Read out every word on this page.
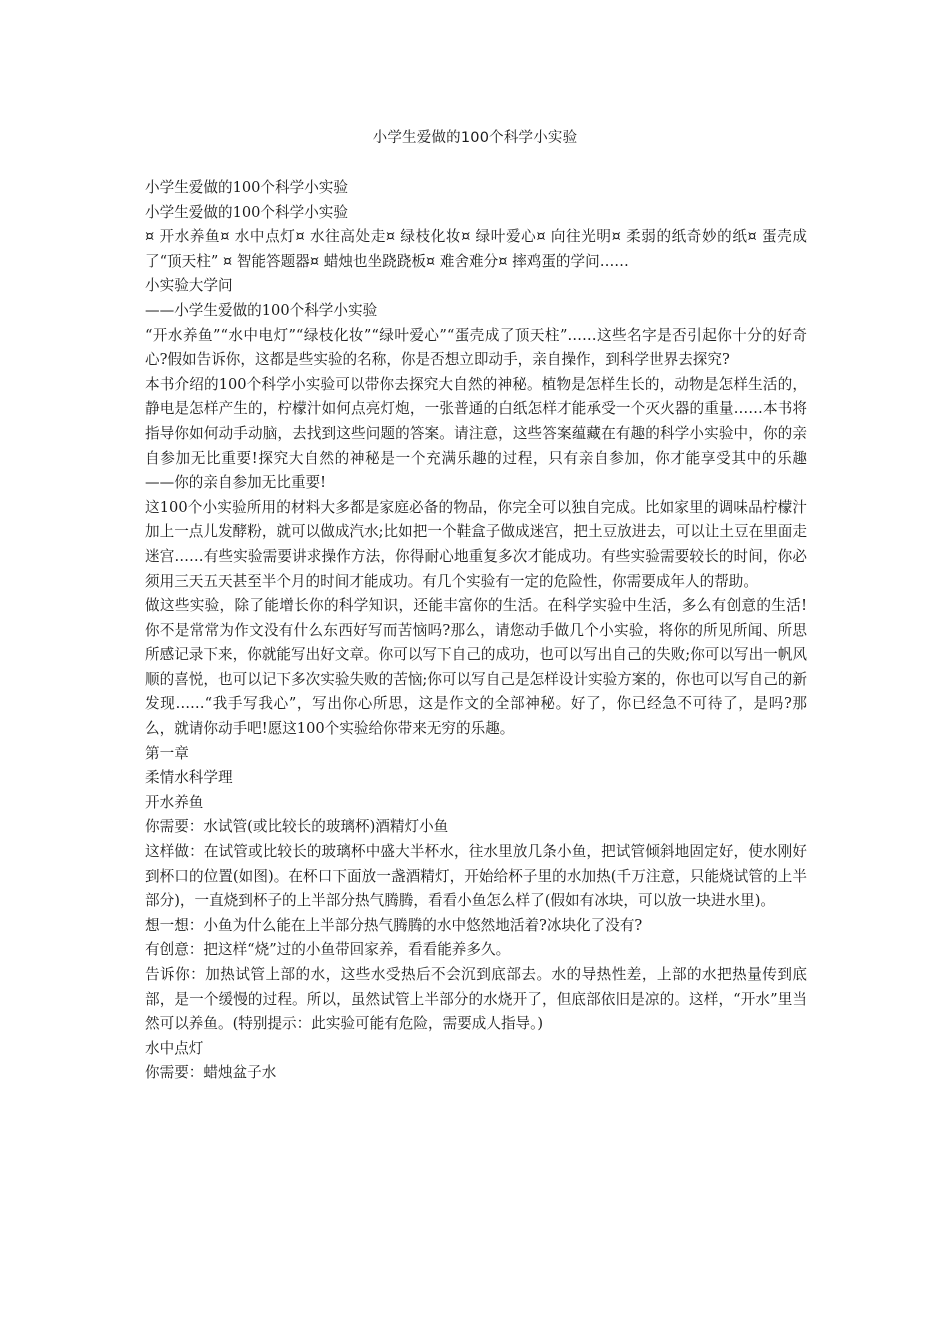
小学生爱做的100个科学小实验

小学生爱做的100个科学小实验

小学生爱做的100个科学小实验

¤ 开水养鱼¤ 水中点灯¤ 水往高处走¤ 绿枝化妆¤ 绿叶爱心¤ 向往光明¤ 柔弱的纸奇妙的纸¤ 蛋壳成了“顶天柱” ¤ 智能答题器¤ 蜡烛也坐跷跷板¤ 难舍难分¤ 摔鸡蛋的学问……

小实验大学问

——小学生爱做的100个科学小实验

“开水养鱼”“水中电灯”“绿枝化妆”“绿叶爱心”“蛋壳成了顶天柱”……这些名字是否引起你十分的好奇心?假如告诉你，这都是些实验的名称，你是否想立即动手，亲自操作，到科学世界去探究?

本书介绍的100个科学小实验可以带你去探究大自然的神秘。植物是怎样生长的，动物是怎样生活的，静电是怎样产生的，柠檬汁如何点亮灯炮，一张普通的白纸怎样才能承受一个灭火器的重量……本书将指导你如何动手动脑，去找到这些问题的答案。请注意，这些答案蕴藏在有趣的科学小实验中，你的亲自参加无比重要!探究大自然的神秘是一个充满乐趣的过程，只有亲自参加，你才能享受其中的乐趣——你的亲自参加无比重要!

这100个小实验所用的材料大多都是家庭必备的物品，你完全可以独自完成。比如家里的调味品柠檬汁加上一点儿发酵粉，就可以做成汽水;比如把一个鞋盒子做成迷宫，把土豆放进去，可以让土豆在里面走迷宫……有些实验需要讲求操作方法，你得耐心地重复多次才能成功。有些实验需要较长的时间，你必须用三天五天甚至半个月的时间才能成功。有几个实验有一定的危险性，你需要成年人的帮助。

做这些实验，除了能增长你的科学知识，还能丰富你的生活。在科学实验中生活，多么有创意的生活!你不是常常为作文没有什么东西好写而苦恼吗?那么，请您动手做几个小实验，将你的所见所闻、所思所感记录下来，你就能写出好文章。你可以写下自己的成功，也可以写出自己的失败;你可以写出一帆风顺的喜悦，也可以记下多次实验失败的苦恼;你可以写自己是怎样设计实验方案的，你也可以写自己的新发现……“我手写我心”，写出你心所思，这是作文的全部神秘。好了，你已经急不可待了，是吗?那么，就请你动手吧!愿这100个实验给你带来无穷的乐趣。

第一章

柔情水科学理

开水养鱼

你需要：水试管(或比较长的玻璃杯)酒精灯小鱼

这样做：在试管或比较长的玻璃杯中盛大半杯水，往水里放几条小鱼，把试管倾斜地固定好，使水刚好到杯口的位置(如图)。在杯口下面放一盏酒精灯，开始给杯子里的水加热(千万注意，只能烧试管的上半部分)，一直烧到杯子的上半部分热气腾腾，看看小鱼怎么样了(假如有冰块，可以放一块进水里)。

想一想：小鱼为什么能在上半部分热气腾腾的水中悠然地活着?冰块化了没有?

有创意：把这样“烧”过的小鱼带回家养，看看能养多久。

告诉你：加热试管上部的水，这些水受热后不会沉到底部去。水的导热性差，上部的水把热量传到底部，是一个缓慢的过程。所以，虽然试管上半部分的水烧开了，但底部依旧是凉的。这样，“开水”里当然可以养鱼。(特别提示：此实验可能有危险，需要成人指导。)

水中点灯

你需要：蜡烛盆子水
